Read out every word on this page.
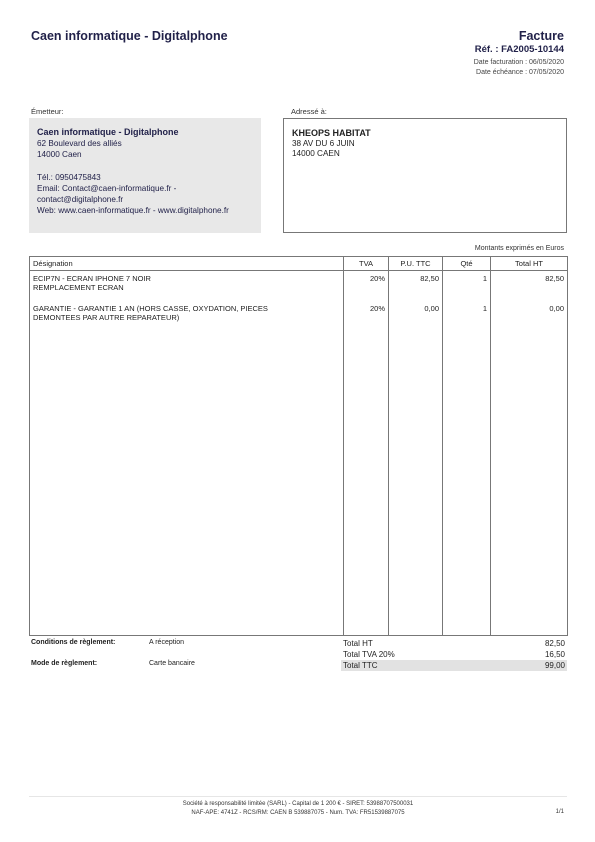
Caen informatique - Digitalphone	Facture
Réf. : FA2005-10144
Date facturation : 06/05/2020
Date échéance : 07/05/2020
Émetteur:	Adressé à:
Caen informatique - Digitalphone
62 Boulevard des alliés
14000 Caen
Tél.: 0950475843
Email: Contact@caen-informatique.fr -
contact@digitalphone.fr
Web: www.caen-informatique.fr - www.digitalphone.fr
KHEOPS HABITAT
38 AV DU 6 JUIN
14000 CAEN
Montants exprimés en Euros
Désignation	TVA	P.U. TTC	Qté	Total HT

ECIP7N - ECRAN IPHONE 7 NOIR
REMPLACEMENT ECRAN	20%	82,50	1	82,50

GARANTIE - GARANTIE 1 AN (HORS CASSE, OXYDATION, PIECES
DEMONTEES PAR AUTRE REPARATEUR)	20%	0,00	1	0,00
Conditions de règlement:	A réception
Mode de règlement:	Carte bancaire
Total HT	82,50
Total TVA 20%	16,50
Total TTC	99,00
Société à responsabilité limitée (SARL) - Capital de 1 200 € - SIRET: 53988707500031
NAF-APE: 4741Z - RCS/RM: CAEN B 539887075 - Num. TVA: FR51539887075	1/1
